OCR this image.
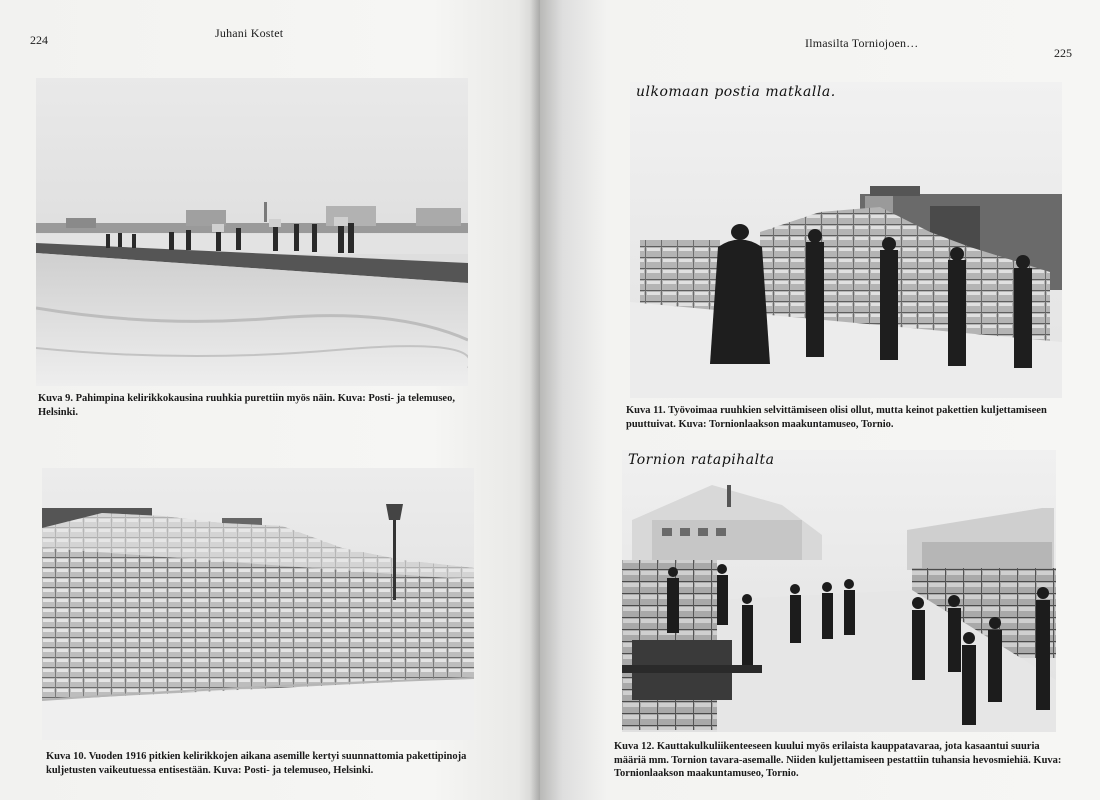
224	Juhani Kostet
Kuva 9. Pahimpina kelirikkokausina ruuhkia purettiin myös näin. Kuva: Posti- ja telemuseo, Helsinki.
Kuva 10. Vuoden 1916 pitkien kelirikkojen aikana asemille kertyi suunnattomia pakettipinoja kuljetusten vaikeutuessa entisestään. Kuva: Posti- ja telemuseo, Helsinki.
Ilmasilta Torniojoen…
225
ulkomaan postia matkalla.
Kuva 11. Työvoimaa ruuhkien selvittämiseen olisi ollut, mutta keinot pakettien kuljettamiseen puuttuivat. Kuva: Tornionlaakson maakuntamuseo, Tornio.
Tornion ratapihalta
Kuva 12. Kauttakulkuliikenteeseen kuului myös erilaista kauppatavaraa, jota kasaantui suuria määriä mm. Tornion tavara-asemalle. Niiden kuljettamiseen pestattiin tuhansia hevosmiehiä. Kuva: Tornionlaakson maakuntamuseo, Tornio.
